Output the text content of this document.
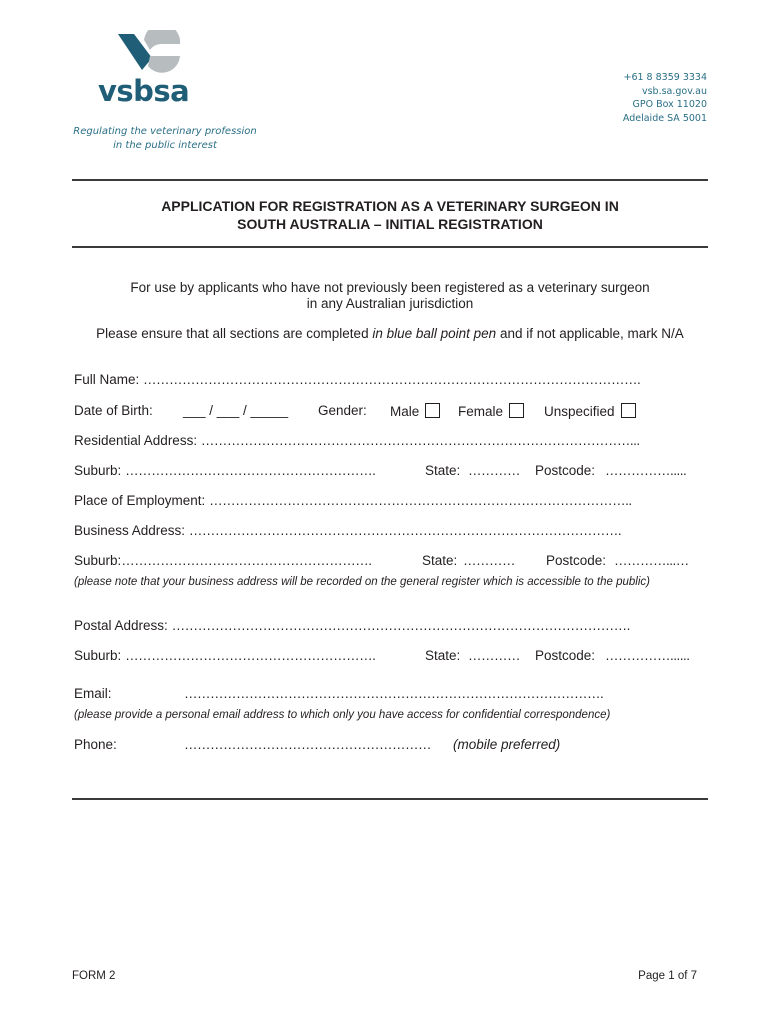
vsbsa
Regulating the veterinary profession
in the public interest
+61 8 8359 3334
vsb.sa.gov.au
GPO Box 11020
Adelaide SA 5001
APPLICATION FOR REGISTRATION AS A VETERINARY SURGEON IN
SOUTH AUSTRALIA – INITIAL REGISTRATION
For use by applicants who have not previously been registered as a veterinary surgeon
in any Australian jurisdiction
Please ensure that all sections are completed in blue ball point pen and if not applicable, mark N/A
Full Name: …………………………………………………………………………………………………….
Date of Birth: ___ / ___ / _____ Gender: Male	Female	Unspecified
Residential Address: ………………………………………………………………………………………...
Suburb: ………………………………………………….	State: ………… Postcode: …………….....
Place of Employment: ……………………………………………………………………………………..
Business Address: ……………………………………………………………………………………….
Suburb:………………………………………………….	State: ………… Postcode: …………...…
(please note that your business address will be recorded on the general register which is accessible to the public)
Postal Address: …………………………………………………………………………………………….
Suburb: ………………………………………………….	State: ………… Postcode: ……………......
Email:	…………………………………………………………………………………….
(please provide a personal email address to which only you have access for confidential correspondence)
Phone:	………………………………………………… (mobile preferred)
FORM 2	Page 1 of 7
